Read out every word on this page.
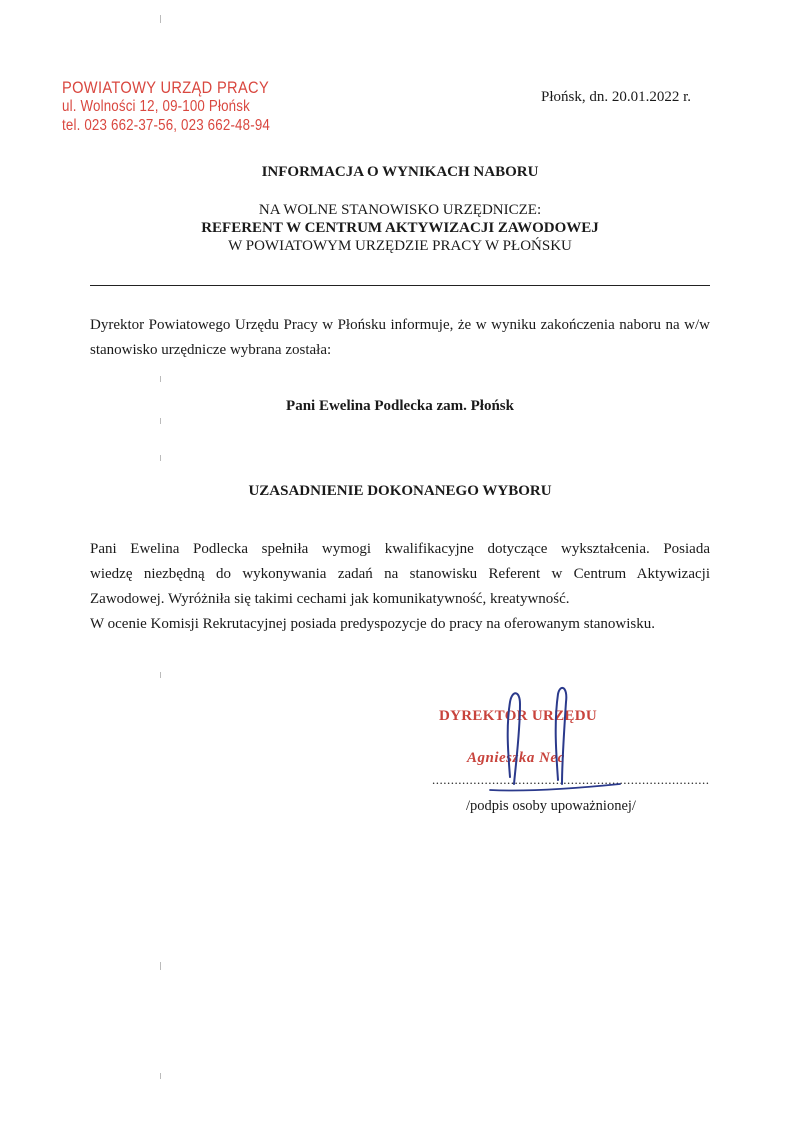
POWIATOWY URZĄD PRACY
ul. Wolności 12, 09-100 Płońsk
tel. 023 662-37-56, 023 662-48-94
Płońsk, dn. 20.01.2022 r.
INFORMACJA O WYNIKACH NABORU
NA WOLNE STANOWISKO URZĘDNICZE:
REFERENT W CENTRUM AKTYWIZACJI ZAWODOWEJ
W POWIATOWYM URZĘDZIE PRACY W PŁOŃSKU
Dyrektor Powiatowego Urzędu Pracy w Płońsku informuje, że w wyniku zakończenia naboru na w/w stanowisko urzędnicze wybrana została:
Pani Ewelina Podlecka zam. Płońsk
UZASADNIENIE DOKONANEGO WYBORU
Pani Ewelina Podlecka spełniła wymogi kwalifikacyjne dotyczące wykształcenia. Posiada
wiedzę niezbędną do wykonywania zadań na stanowisku Referent w Centrum Aktywizacji
Zawodowej. Wyróżniła się takimi cechami jak komunikatywność, kreatywność.
W ocenie Komisji Rekrutacyjnej posiada predyspozycje do pracy na oferowanym stanowisku.
DYREKTOR URZĘDU
Agnieszka Nec
..........................................................................
/podpis osoby upoważnionej/
